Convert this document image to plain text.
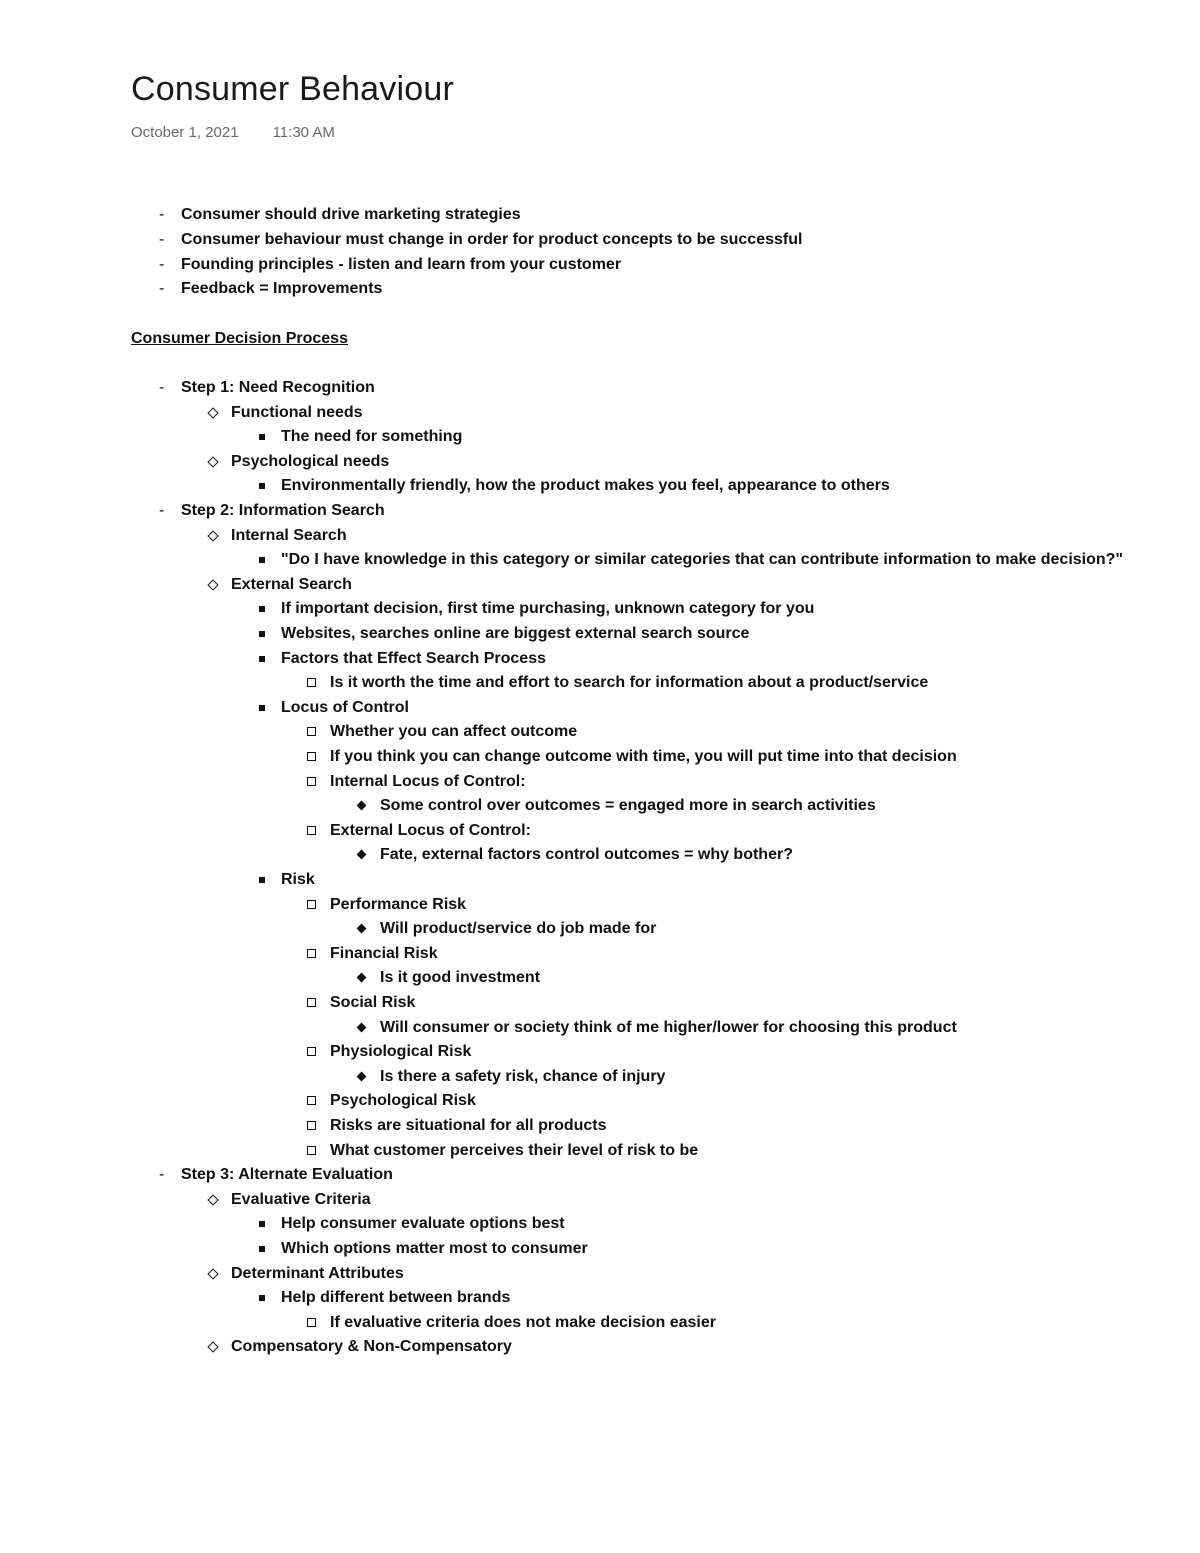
Consumer Behaviour
October 1, 2021 11:30 AM
-	Consumer should drive marketing strategies
-	Consumer behaviour must change in order for product concepts to be successful
-	Founding principles - listen and learn from your customer
-	Feedback = Improvements
Consumer Decision Process
-	Step 1: Need Recognition
Functional needs
The need for something
Psychological needs
Environmentally friendly, how the product makes you feel, appearance to others
-	Step 2: Information Search
Internal Search
"Do I have knowledge in this category or similar categories that can contribute information to make decision?"
External Search
If important decision, first time purchasing, unknown category for you
Websites, searches online are biggest external search source
Factors that Effect Search Process
Is it worth the time and effort to search for information about a product/service
Locus of Control
Whether you can affect outcome
If you think you can change outcome with time, you will put time into that decision
Internal Locus of Control:
Some control over outcomes = engaged more in search activities
External Locus of Control:
Fate, external factors control outcomes = why bother?
Risk
Performance Risk
Will product/service do job made for
Financial Risk
Is it good investment
Social Risk
Will consumer or society think of me higher/lower for choosing this product
Physiological Risk
Is there a safety risk, chance of injury
Psychological Risk
Risks are situational for all products
What customer perceives their level of risk to be
-	Step 3: Alternate Evaluation
Evaluative Criteria
Help consumer evaluate options best
Which options matter most to consumer
Determinant Attributes
Help different between brands
If evaluative criteria does not make decision easier
Compensatory & Non-Compensatory
